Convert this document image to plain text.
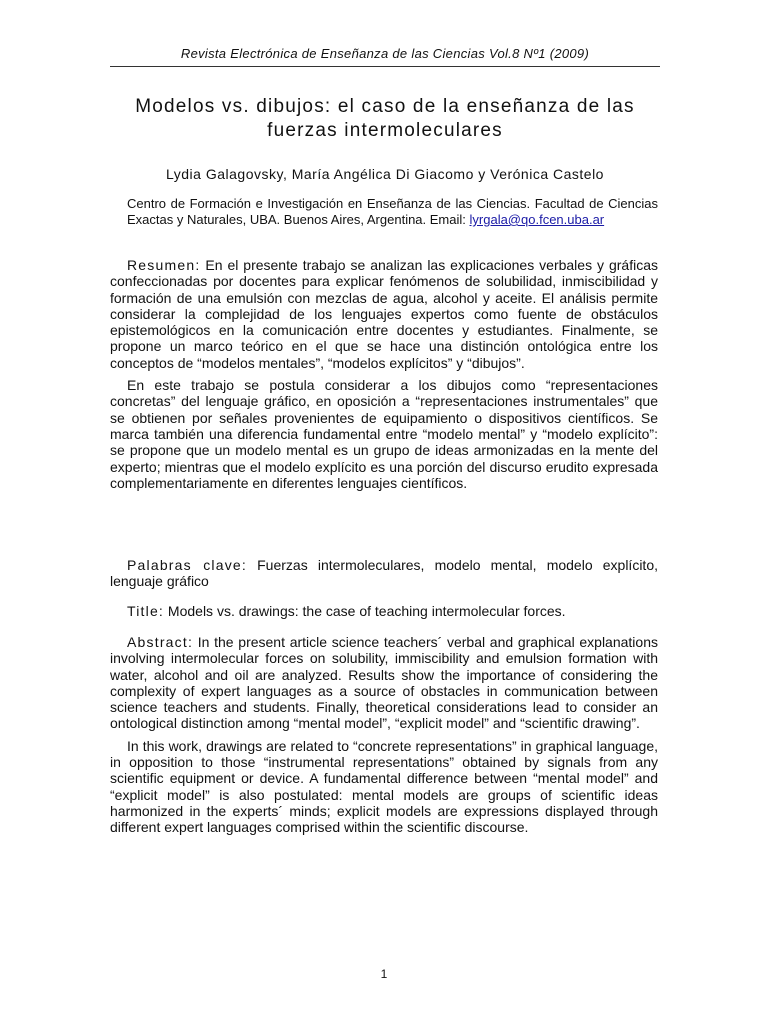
Revista Electrónica de Enseñanza de las Ciencias Vol.8 Nº1 (2009)
Modelos vs. dibujos: el caso de la enseñanza de las
fuerzas intermoleculares
Lydia Galagovsky, María Angélica Di Giacomo y Verónica Castelo
Centro de Formación e Investigación en Enseñanza de las Ciencias. Facultad de Ciencias Exactas y Naturales, UBA. Buenos Aires, Argentina. Email: lyrgala@qo.fcen.uba.ar

Resumen: En el presente trabajo se analizan las explicaciones verbales y gráficas confeccionadas por docentes para explicar fenómenos de solubilidad, inmiscibilidad y formación de una emulsión con mezclas de agua, alcohol y aceite. El análisis permite considerar la complejidad de los lenguajes expertos como fuente de obstáculos epistemológicos en la comunicación entre docentes y estudiantes. Finalmente, se propone un marco teórico en el que se hace una distinción ontológica entre los conceptos de “modelos mentales”, “modelos explícitos” y “dibujos”.

En este trabajo se postula considerar a los dibujos como “representaciones concretas” del lenguaje gráfico, en oposición a “representaciones instrumentales” que se obtienen por señales provenientes de equipamiento o dispositivos científicos. Se marca también una diferencia fundamental entre “modelo mental” y “modelo explícito”: se propone que un modelo mental es un grupo de ideas armonizadas en la mente del experto; mientras que el modelo explícito es una porción del discurso erudito expresada complementariamente en diferentes lenguajes científicos.

Palabras clave: Fuerzas intermoleculares, modelo mental, modelo explícito, lenguaje gráfico

Title: Models vs. drawings: the case of teaching intermolecular forces.

Abstract: In the present article science teachers´ verbal and graphical explanations involving intermolecular forces on solubility, immiscibility and emulsion formation with water, alcohol and oil are analyzed. Results show the importance of considering the complexity of expert languages as a source of obstacles in communication between science teachers and students. Finally, theoretical considerations lead to consider an ontological distinction among “mental model”, “explicit model” and “scientific drawing”.

In this work, drawings are related to “concrete representations” in graphical language, in opposition to those “instrumental representations” obtained by signals from any scientific equipment or device. A fundamental difference between “mental model” and “explicit model” is also postulated: mental models are groups of scientific ideas harmonized in the experts´ minds; explicit models are expressions displayed through different expert languages comprised within the scientific discourse.

1
